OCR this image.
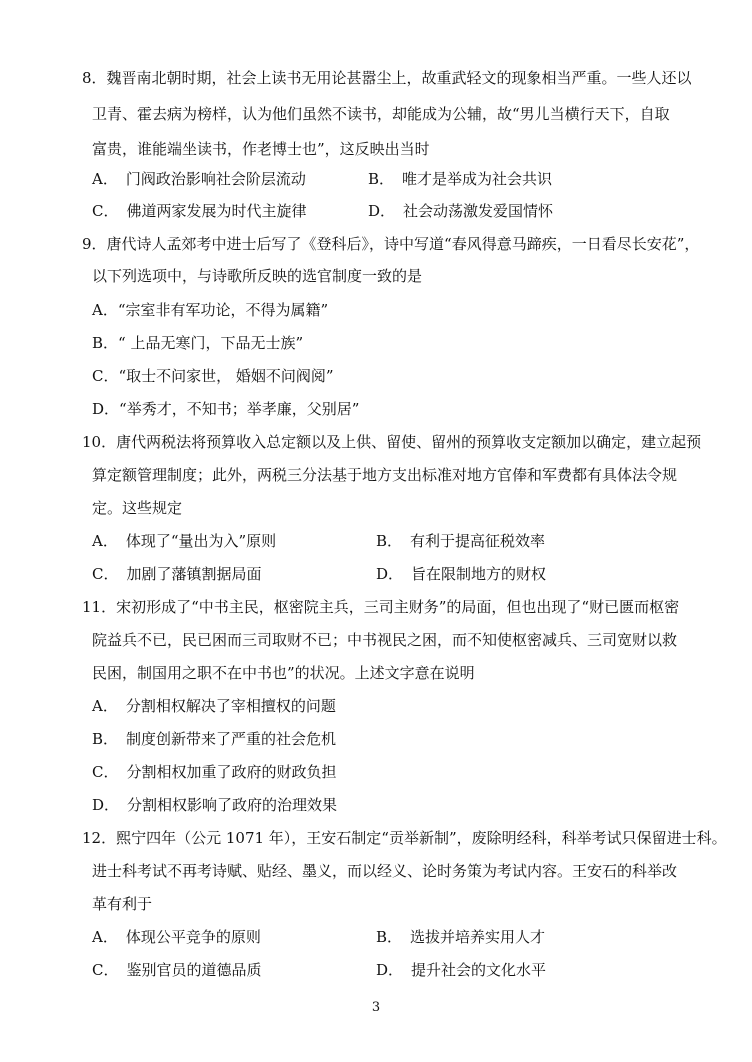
8．魏晋南北朝时期，社会上读书无用论甚嚣尘上，故重武轻文的现象相当严重。一些人还以
卫青、霍去病为榜样，认为他们虽然不读书，却能成为公辅，故“男儿当横行天下，自取
富贵，谁能端坐读书，作老博士也”，这反映出当时
A． 门阀政治影响社会阶层流动	B． 唯才是举成为社会共识
C． 佛道两家发展为时代主旋律	D． 社会动荡激发爱国情怀
9．唐代诗人孟郊考中进士后写了《登科后》，诗中写道“春风得意马蹄疾，一日看尽长安花”，
以下列选项中，与诗歌所反映的选官制度一致的是
A．“宗室非有军功论，不得为属籍”
B．“ 上品无寒门，下品无士族”
C．“取士不问家世， 婚姻不问阀阅”
D．“举秀才，不知书；举孝廉，父别居”
10．唐代两税法将预算收入总定额以及上供、留使、留州的预算收支定额加以确定，建立起预
算定额管理制度；此外，两税三分法基于地方支出标准对地方官俸和军费都有具体法令规
定。这些规定
A． 体现了“量出为入”原则	B． 有利于提高征税效率
C． 加剧了藩镇割据局面	D． 旨在限制地方的财权
11．宋初形成了“中书主民，枢密院主兵，三司主财务”的局面，但也出现了“财已匮而枢密
院益兵不已，民已困而三司取财不已；中书视民之困，而不知使枢密减兵、三司宽财以救
民困，制国用之职不在中书也”的状况。上述文字意在说明
A． 分割相权解决了宰相擅权的问题
B． 制度创新带来了严重的社会危机
C． 分割相权加重了政府的财政负担
D． 分割相权影响了政府的治理效果
12．熙宁四年（公元 1071 年），王安石制定“贡举新制”，废除明经科，科举考试只保留进士科。
进士科考试不再考诗赋、贴经、墨义，而以经义、论时务策为考试内容。王安石的科举改
革有利于
A． 体现公平竞争的原则	B． 选拔并培养实用人才
C． 鉴别官员的道德品质	D． 提升社会的文化水平
3
